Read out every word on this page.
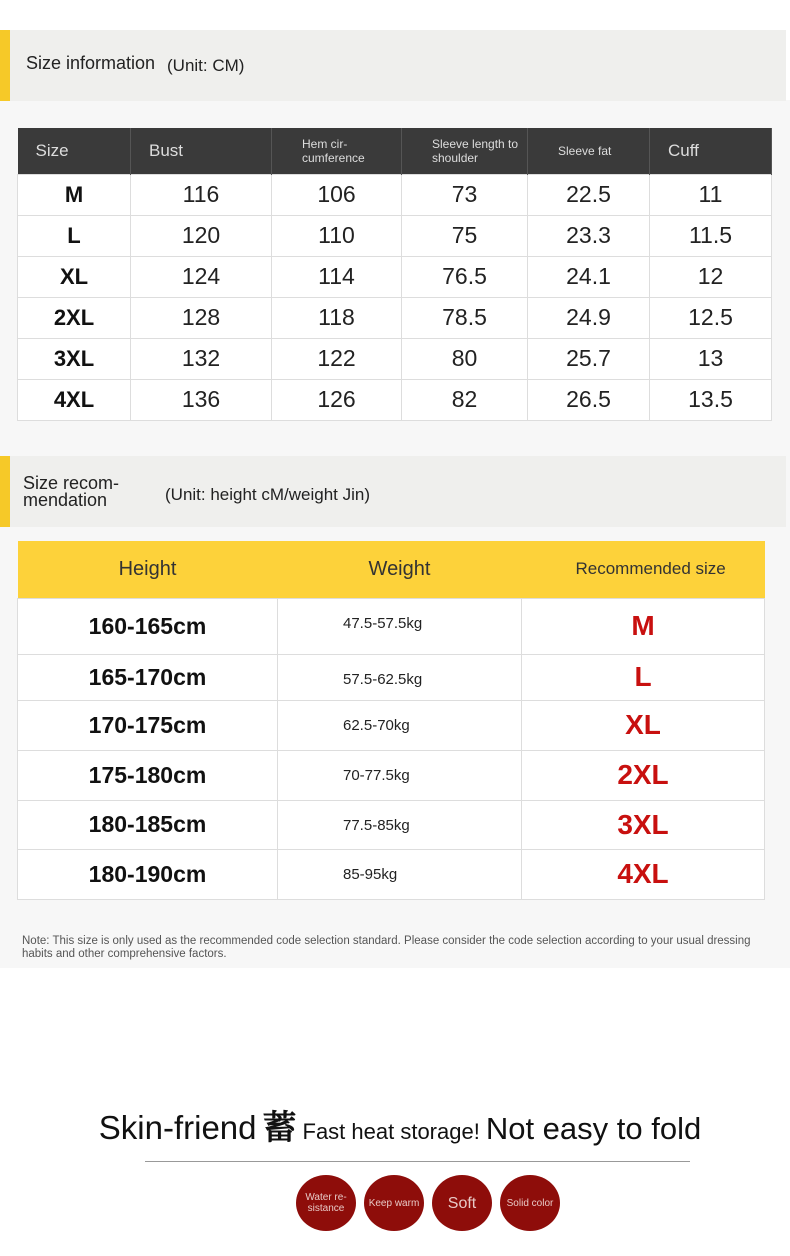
Size information (Unit: CM)
Size	Bust	Hem cir-cumference	Sleeve length to shoulder	Sleeve fat	Cuff
M	116	106	73	22.5	11
L	120	110	75	23.3	11.5
XL	124	114	76.5	24.1	12
2XL	128	118	78.5	24.9	12.5
3XL	132	122	80	25.7	13
4XL	136	126	82	26.5	13.5
Size recom-mendation	(Unit: height cM/weight Jin)
Height	Weight	Recommended size
160-165cm	47.5-57.5kg	M
165-170cm	57.5-62.5kg	L
170-175cm	62.5-70kg	XL
175-180cm	70-77.5kg	2XL
180-185cm	77.5-85kg	3XL
180-190cm	85-95kg	4XL
Note: This size is only used as the recommended code selection standard. Please consider the code selection according to your usual dressing habits and other comprehensive factors.
Skin-friend 蓄 Fast heat storage! Not easy to fold
Water re-sistance	Keep warm	Soft	Solid color
